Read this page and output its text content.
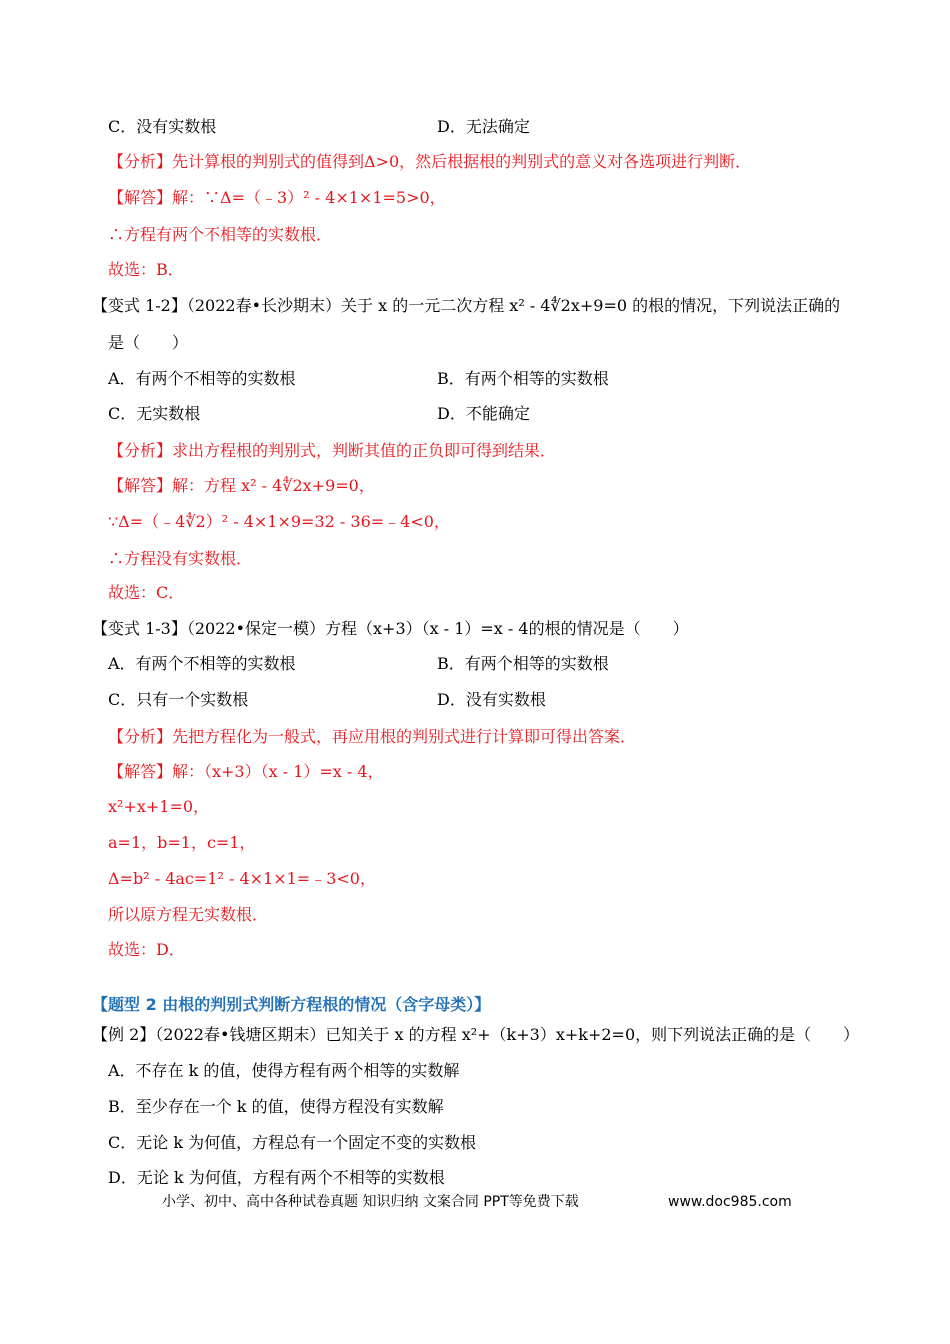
C．没有实数根	D．无法确定
【分析】先计算根的判别式的值得到Δ>0，然后根据根的判别式的意义对各选项进行判断．
【解答】解：∵Δ=（﹣3）² - 4×1×1=5>0，
∴方程有两个不相等的实数根．
故选：B．
【变式 1-2】（2022春•长沙期末）关于 x 的一元二次方程 x² - 4∜2x+9=0 的根的情况，下列说法正确的
是（　　）
A．有两个不相等的实数根	B．有两个相等的实数根
C．无实数根	D．不能确定
【分析】求出方程根的判别式，判断其值的正负即可得到结果．
【解答】解：方程 x² - 4∜2x+9=0，
∵Δ=（﹣4∜2）² - 4×1×9=32 - 36=﹣4<0，
∴方程没有实数根．
故选：C．
【变式 1-3】（2022•保定一模）方程（x+3）（x - 1）=x - 4的根的情况是（　　）
A．有两个不相等的实数根	B．有两个相等的实数根
C．只有一个实数根	D．没有实数根
【分析】先把方程化为一般式，再应用根的判别式进行计算即可得出答案．
【解答】解：（x+3）（x - 1）=x - 4，
x²+x+1=0，
a=1，b=1，c=1，
Δ=b² - 4ac=1² - 4×1×1=﹣3<0，
所以原方程无实数根．
故选：D．
【题型 2 由根的判别式判断方程根的情况（含字母类）】
【例 2】（2022春•钱塘区期末）已知关于 x 的方程 x²+（k+3）x+k+2=0，则下列说法正确的是（　　）
A．不存在 k 的值，使得方程有两个相等的实数解
B．至少存在一个 k 的值，使得方程没有实数解
C．无论 k 为何值，方程总有一个固定不变的实数根
D．无论 k 为何值，方程有两个不相等的实数根
小学、初中、高中各种试卷真题 知识归纳 文案合同 PPT等免费下载	www.doc985.com
